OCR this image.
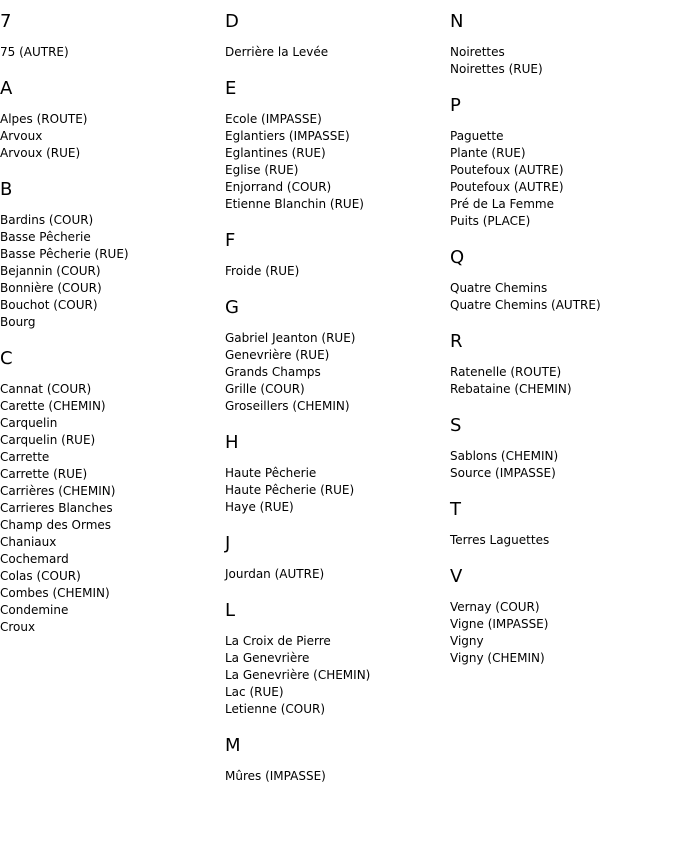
7
75 (AUTRE)
A
Alpes (ROUTE)
Arvoux
Arvoux (RUE)
B
Bardins (COUR)
Basse Pêcherie
Basse Pêcherie (RUE)
Bejannin (COUR)
Bonnière (COUR)
Bouchot (COUR)
Bourg
C
Cannat (COUR)
Carette (CHEMIN)
Carquelin
Carquelin (RUE)
Carrette
Carrette (RUE)
Carrières (CHEMIN)
Carrieres Blanches
Champ des Ormes
Chaniaux
Cochemard
Colas (COUR)
Combes (CHEMIN)
Condemine
Croux
D
Derrière la Levée
E
Ecole (IMPASSE)
Eglantiers (IMPASSE)
Eglantines (RUE)
Eglise (RUE)
Enjorrand (COUR)
Etienne Blanchin (RUE)
F
Froide (RUE)
G
Gabriel Jeanton (RUE)
Genevrière (RUE)
Grands Champs
Grille (COUR)
Groseillers (CHEMIN)
H
Haute Pêcherie
Haute Pêcherie (RUE)
Haye (RUE)
J
Jourdan (AUTRE)
L
La Croix de Pierre
La Genevrière
La Genevrière (CHEMIN)
Lac (RUE)
Letienne (COUR)
M
Mûres (IMPASSE)
N
Noirettes
Noirettes (RUE)
P
Paguette
Plante (RUE)
Poutefoux (AUTRE)
Poutefoux (AUTRE)
Pré de La Femme
Puits (PLACE)
Q
Quatre Chemins
Quatre Chemins (AUTRE)
R
Ratenelle (ROUTE)
Rebataine (CHEMIN)
S
Sablons (CHEMIN)
Source (IMPASSE)
T
Terres Laguettes
V
Vernay (COUR)
Vigne (IMPASSE)
Vigny
Vigny (CHEMIN)
